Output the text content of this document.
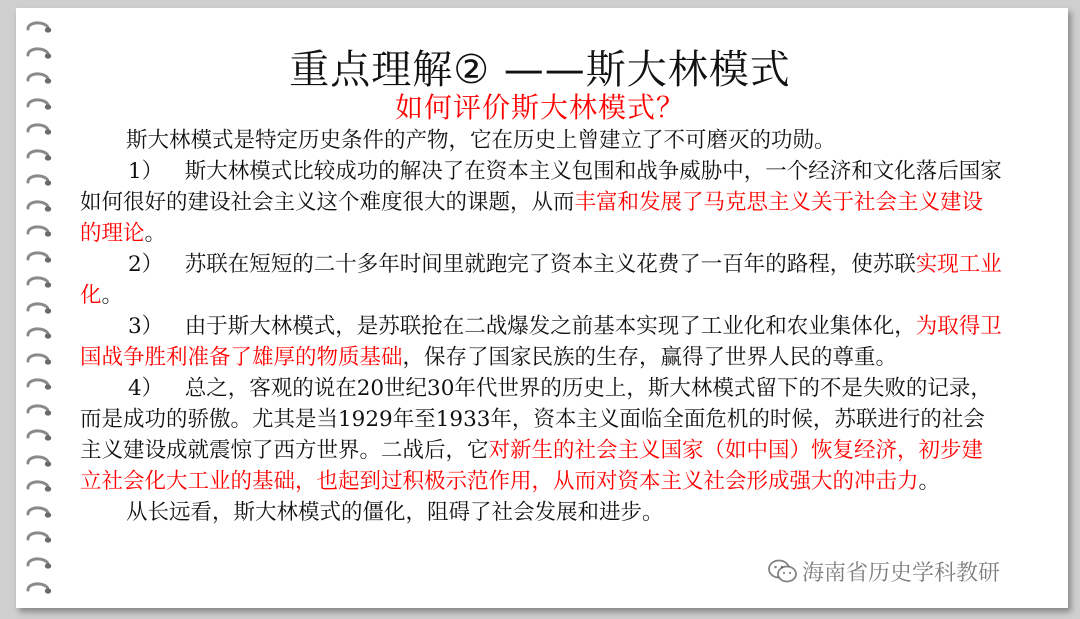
重点理解② ——斯大林模式
如何评价斯大林模式？

斯大林模式是特定历史条件的产物，它在历史上曾建立了不可磨灭的功勋。

1）  斯大林模式比较成功的解决了在资本主义包围和战争威胁中，一个经济和文化落后国家如何很好的建设社会主义这个难度很大的课题，从而丰富和发展了马克思主义关于社会主义建设的理论。

2）  苏联在短短的二十多年时间里就跑完了资本主义花费了一百年的路程，使苏联实现工业化。

3）  由于斯大林模式，是苏联抢在二战爆发之前基本实现了工业化和农业集体化，为取得卫国战争胜利准备了雄厚的物质基础，保存了国家民族的生存，赢得了世界人民的尊重。

4）  总之，客观的说在20世纪30年代世界的历史上，斯大林模式留下的不是失败的记录，而是成功的骄傲。尤其是当1929年至1933年，资本主义面临全面危机的时候，苏联进行的社会主义建设成就震惊了西方世界。二战后，它对新生的社会主义国家（如中国）恢复经济，初步建立社会化大工业的基础，也起到过积极示范作用，从而对资本主义社会形成强大的冲击力。

从长远看，斯大林模式的僵化，阻碍了社会发展和进步。

海南省历史学科教研
